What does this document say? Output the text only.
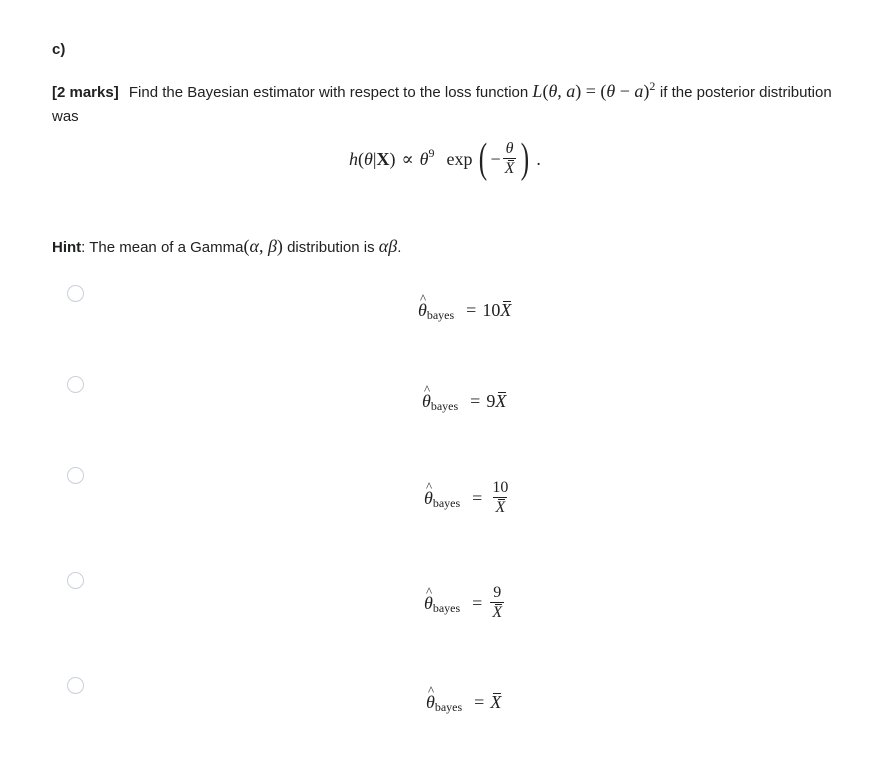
c)
[2 marks] Find the Bayesian estimator with respect to the loss function L(θ, $a) = (\theta - a)^2$ if the posterior distribution was
h ( θ | X ) ∝ $\theta^9$ exp ( − $\frac{\theta}{X}$ ) .
Hint: The mean of a Gamma(α, β) distribution is αβ.
^ θ bayes = 10 X
^ θ bayes = 9 X
^ θ bayes = $\frac{10}{X}$
^ θ bayes = $\frac{9}{X}$
^ θ bayes = X
